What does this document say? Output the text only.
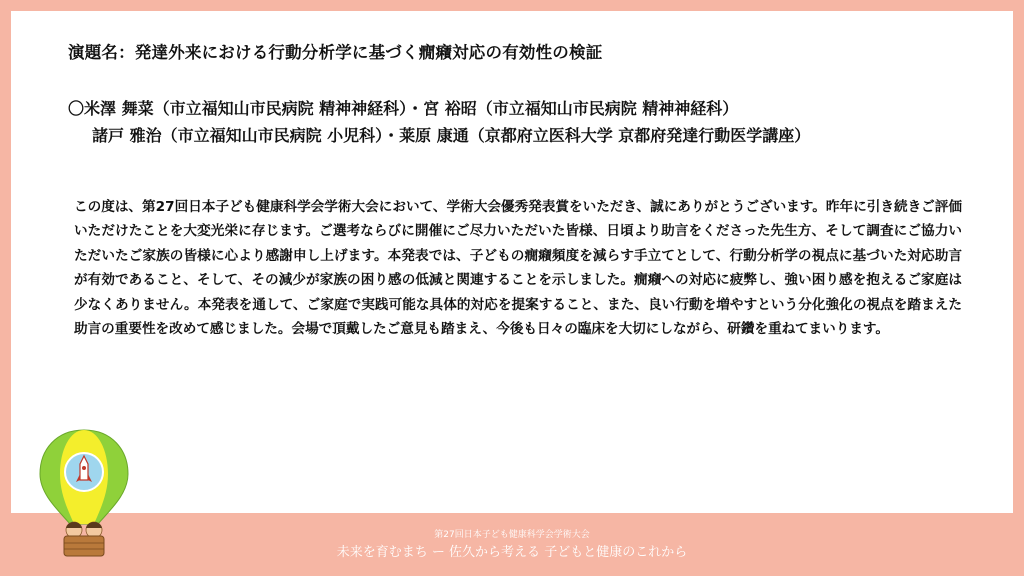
演題名：発達外来における行動分析学に基づく癇癪対応の有効性の検証
〇米澤 舞菜（市立福知山市民病院 精神神経科）・宮 裕昭（市立福知山市民病院 精神神経科）
諸戸 雅治（市立福知山市民病院 小児科）・莱原 康通（京都府立医科大学 京都府発達行動医学講座）
この度は、第27回日本子ども健康科学会学術大会において、学術大会優秀発表賞をいただき、誠にありがとうございます。昨年に引き続きご評価いただけたことを大変光栄に存じます。ご選考ならびに開催にご尽力いただいた皆様、日頃より助言をくださった先生方、そして調査にご協力いただいたご家族の皆様に心より感謝申し上げます。本発表では、子どもの癇癪頻度を減らす手立てとして、行動分析学の視点に基づいた対応助言が有効であること、そして、その減少が家族の困り感の低減と関連することを示しました。癇癪への対応に疲弊し、強い困り感を抱えるご家庭は少なくありません。本発表を通して、ご家庭で実践可能な具体的対応を提案すること、また、良い行動を増やすという分化強化の視点を踏まえた助言の重要性を改めて感じました。会場で頂戴したご意見も踏まえ、今後も日々の臨床を大切にしながら、研鑽を重ねてまいります。
第27回日本子ども健康科学会学術大会
未来を育むまち ー 佐久から考える 子どもと健康のこれから
